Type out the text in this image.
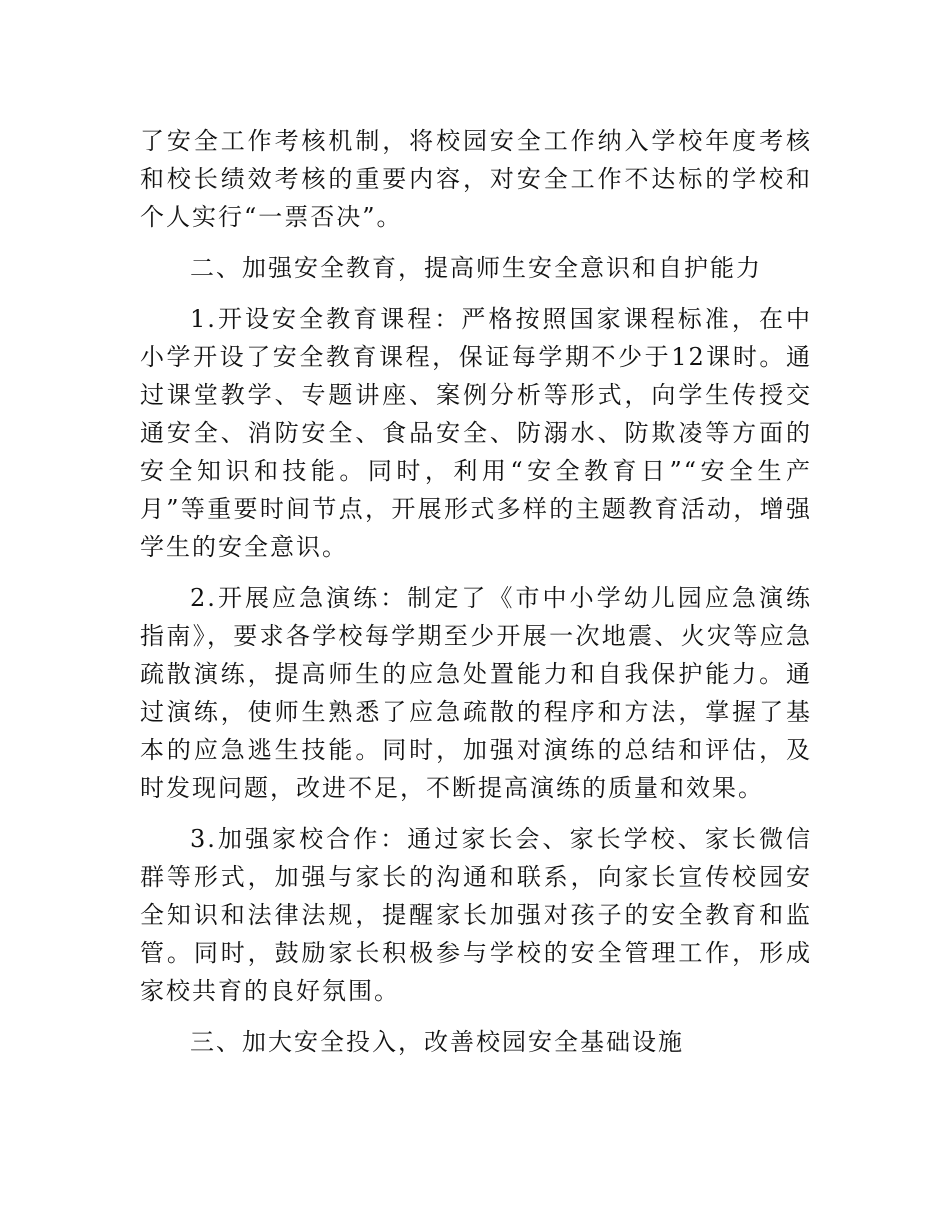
了安全工作考核机制，将校园安全工作纳入学校年度考核和校长绩效考核的重要内容，对安全工作不达标的学校和个人实行“一票否决”。

二、加强安全教育，提高师生安全意识和自护能力

1.开设安全教育课程：严格按照国家课程标准，在中小学开设了安全教育课程，保证每学期不少于12课时。通过课堂教学、专题讲座、案例分析等形式，向学生传授交通安全、消防安全、食品安全、防溺水、防欺凌等方面的安全知识和技能。同时，利用“安全教育日”“安全生产月”等重要时间节点，开展形式多样的主题教育活动，增强学生的安全意识。

2.开展应急演练：制定了《市中小学幼儿园应急演练指南》，要求各学校每学期至少开展一次地震、火灾等应急疏散演练，提高师生的应急处置能力和自我保护能力。通过演练，使师生熟悉了应急疏散的程序和方法，掌握了基本的应急逃生技能。同时，加强对演练的总结和评估，及时发现问题，改进不足，不断提高演练的质量和效果。

3.加强家校合作：通过家长会、家长学校、家长微信群等形式，加强与家长的沟通和联系，向家长宣传校园安全知识和法律法规，提醒家长加强对孩子的安全教育和监管。同时，鼓励家长积极参与学校的安全管理工作，形成家校共育的良好氛围。

三、加大安全投入，改善校园安全基础设施
